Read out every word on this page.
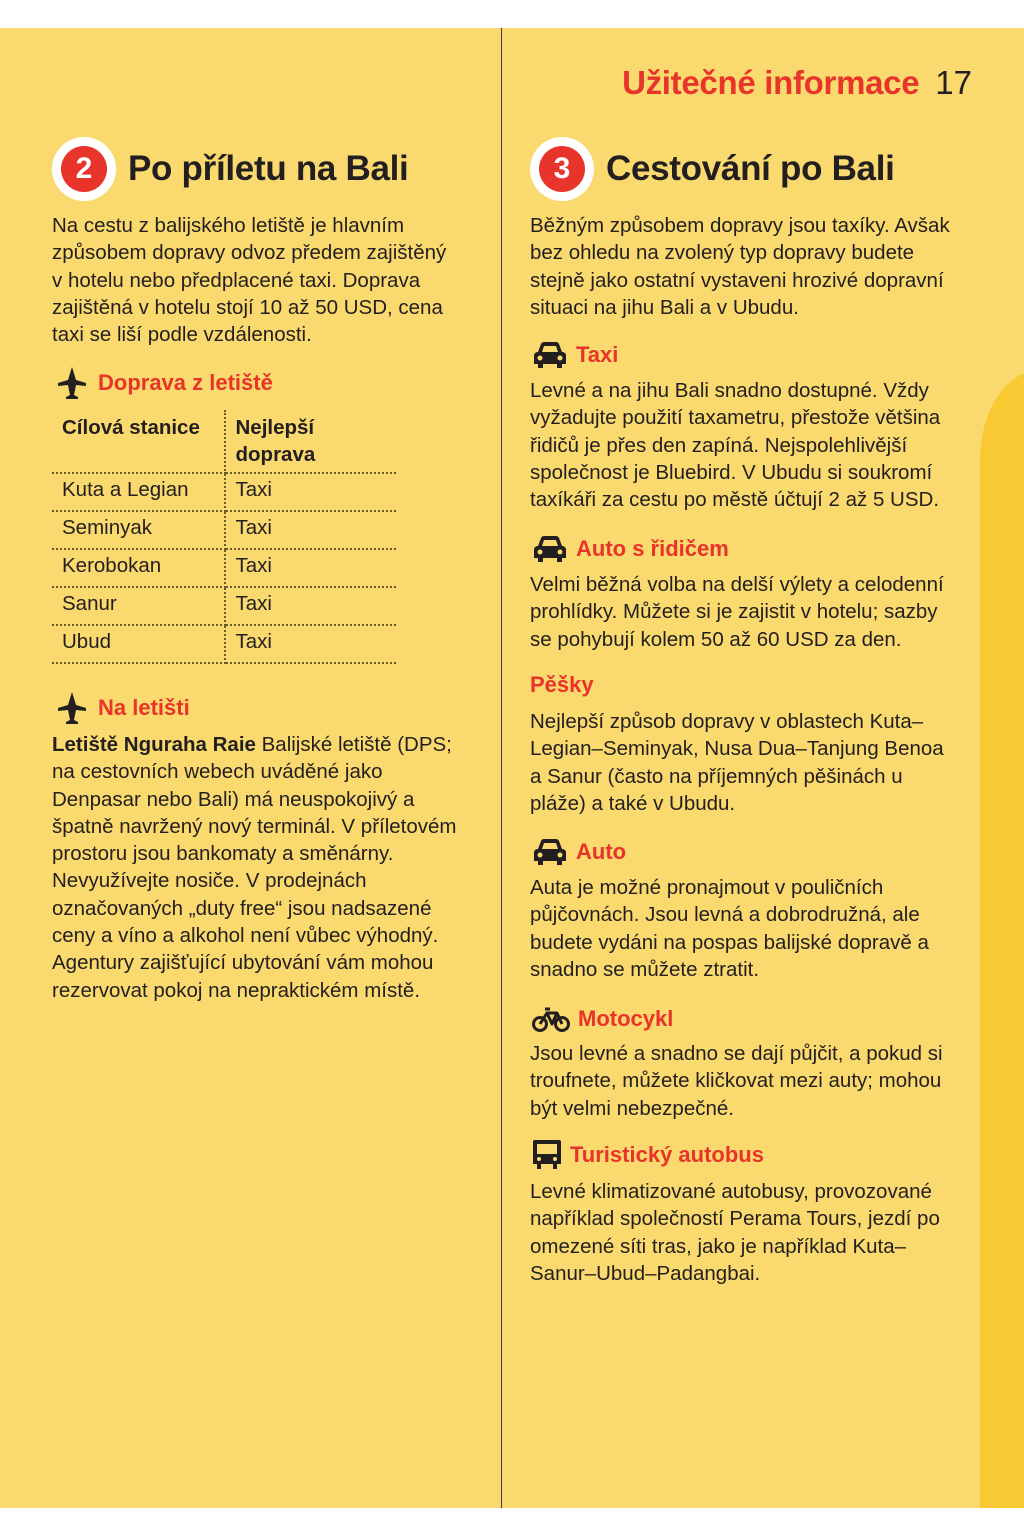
Užitečné informace 17
2	Po příletu na Bali
Na cestu z balijského letiště je hlavním způsobem dopravy odvoz předem zajištěný v hotelu nebo předplacené taxi. Doprava zajištěná v hotelu stojí 10 až 50 USD, cena taxi se liší podle vzdálenosti.
Doprava z letiště
Cílová stanice	Nejlepší doprava
Kuta a Legian	Taxi
Seminyak	Taxi
Kerobokan	Taxi
Sanur	Taxi
Ubud	Taxi
Na letišti
Letiště Nguraha Raie Balijské letiště (DPS; na cestovních webech uváděné jako Denpasar nebo Bali) má neuspokojivý a špatně navržený nový terminál. V příletovém prostoru jsou bankomaty a směnárny. Nevyužívejte nosiče. V prodejnách označovaných „duty free“ jsou nadsazené ceny a víno a alkohol není vůbec výhodný. Agentury zajišťující ubytování vám mohou rezervovat pokoj na nepraktickém místě.
3	Cestování po Bali
Běžným způsobem dopravy jsou taxíky. Avšak bez ohledu na zvolený typ dopravy budete stejně jako ostatní vystaveni hrozivé dopravní situaci na jihu Bali a v Ubudu.
Taxi
Levné a na jihu Bali snadno dostupné. Vždy vyžadujte použití taxametru, přestože většina řidičů je přes den zapíná. Nejspolehlivější společnost je Bluebird. V Ubudu si soukromí taxíkáři za cestu po městě účtují 2 až 5 USD.
Auto s řidičem
Velmi běžná volba na delší výlety a celodenní prohlídky. Můžete si je zajistit v hotelu; sazby se pohybují kolem 50 až 60 USD za den.
Pěšky
Nejlepší způsob dopravy v oblastech Kuta–Legian–Seminyak, Nusa Dua–Tanjung Benoa a Sanur (často na příjemných pěšinách u pláže) a také v Ubudu.
Auto
Auta je možné pronajmout v pouličních půjčovnách. Jsou levná a dobrodružná, ale budete vydáni na pospas balijské dopravě a snadno se můžete ztratit.
Motocykl
Jsou levné a snadno se dají půjčit, a pokud si troufnete, můžete kličkovat mezi auty; mohou být velmi nebezpečné.
Turistický autobus
Levné klimatizované autobusy, provozované například společností Perama Tours, jezdí po omezené síti tras, jako je například Kuta–Sanur–Ubud–Padangbai.
